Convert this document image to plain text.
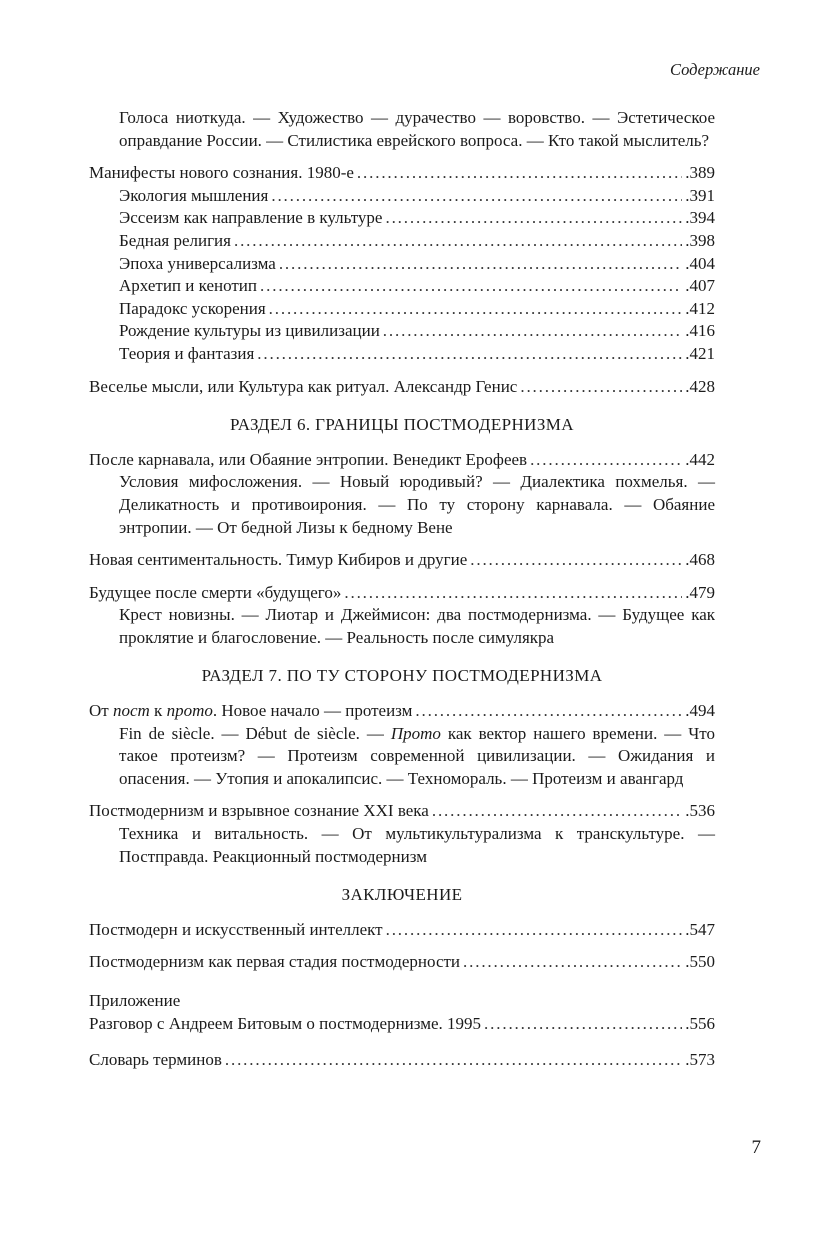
Содержание
Голоса ниоткуда. — Художество — дурачество — воровство. — Эстетическое оправдание России. — Стилистика еврейского вопроса. — Кто такой мыслитель?
Манифесты нового сознания. 1980-е . . .	.389
Экология мышления . . .	.391
Эссеизм как направление в культуре . . .	.394
Бедная религия . . .	.398
Эпоха универсализма . . .	.404
Архетип и кенотип . . .	.407
Парадокс ускорения . . .	.412
Рождение культуры из цивилизации . . .	.416
Теория и фантазия . . .	.421
Веселье мысли, или Культура как ритуал. Александр Генис . . .	.428
РАЗДЕЛ 6. ГРАНИЦЫ ПОСТМОДЕРНИЗМА
После карнавала, или Обаяние энтропии. Венедикт Ерофеев . . .	.442
Условия мифосложения. — Новый юродивый? — Диалектика похмелья. — Деликатность и противоирония. — По ту сторону карнавала. — Обаяние энтропии. — От бедной Лизы к бедному Вене
Новая сентиментальность. Тимур Кибиров и другие . . .	.468
Будущее после смерти «будущего» . . .	.479
Крест новизны. — Лиотар и Джеймисон: два постмодернизма. — Будущее как проклятие и благословение. — Реальность после симулякра
РАЗДЕЛ 7. ПО ТУ СТОРОНУ ПОСТМОДЕРНИЗМА
От пост к прото. Новое начало — протеизм . . .	.494
Fin de siècle. — Début de siècle. — Прото как вектор нашего времени. — Что такое протеизм? — Протеизм современной цивилизации. — Ожидания и опасения. — Утопия и апокалипсис. — Техномораль. — Протеизм и авангард
Постмодернизм и взрывное сознание XXI века . . .	.536
Техника и витальность. — От мультикультурализма к транскультуре. — Постправда. Реакционный постмодернизм
ЗАКЛЮЧЕНИЕ
Постмодерн и искусственный интеллект . . .	.547
Постмодернизм как первая стадия постмодерности . . .	.550
Приложение
Разговор с Андреем Битовым о постмодернизме. 1995 . . .	.556
Словарь терминов . . .	.573
7
